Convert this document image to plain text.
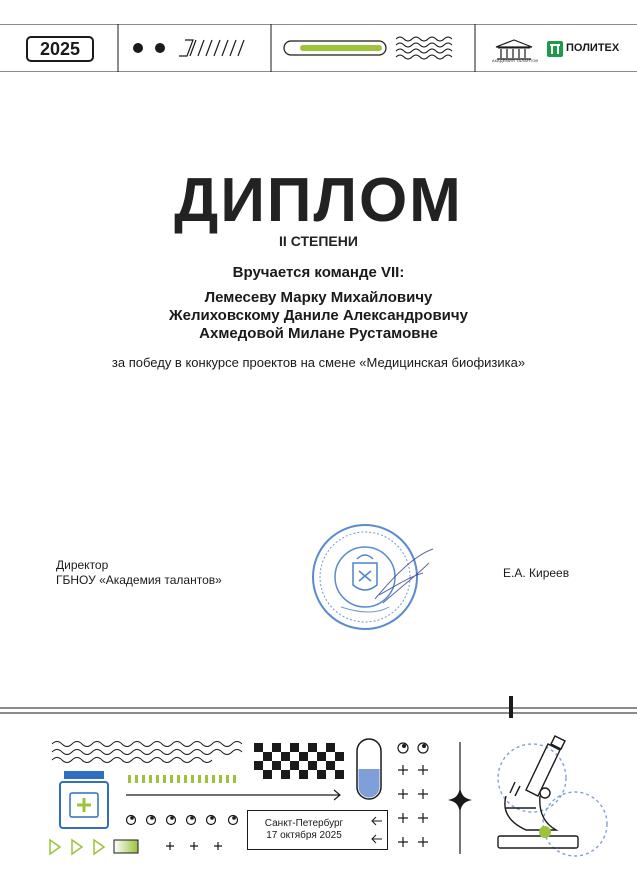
2025
АКАДЕМИЯ ТАЛАНТОВ
ПОЛИТЕХ
ДИПЛОМ
II СТЕПЕНИ
Вручается команде VII:
Лемесеву Марку Михайловичу
Желиховскому Даниле Александровичу
Ахмедовой Милане Рустамовне
за победу в конкурсе проектов на смене «Медицинская биофизика»
Директор
ГБНОУ «Академия талантов»	Е.А. Киреев
Санкт-Петербург
17 октября 2025
